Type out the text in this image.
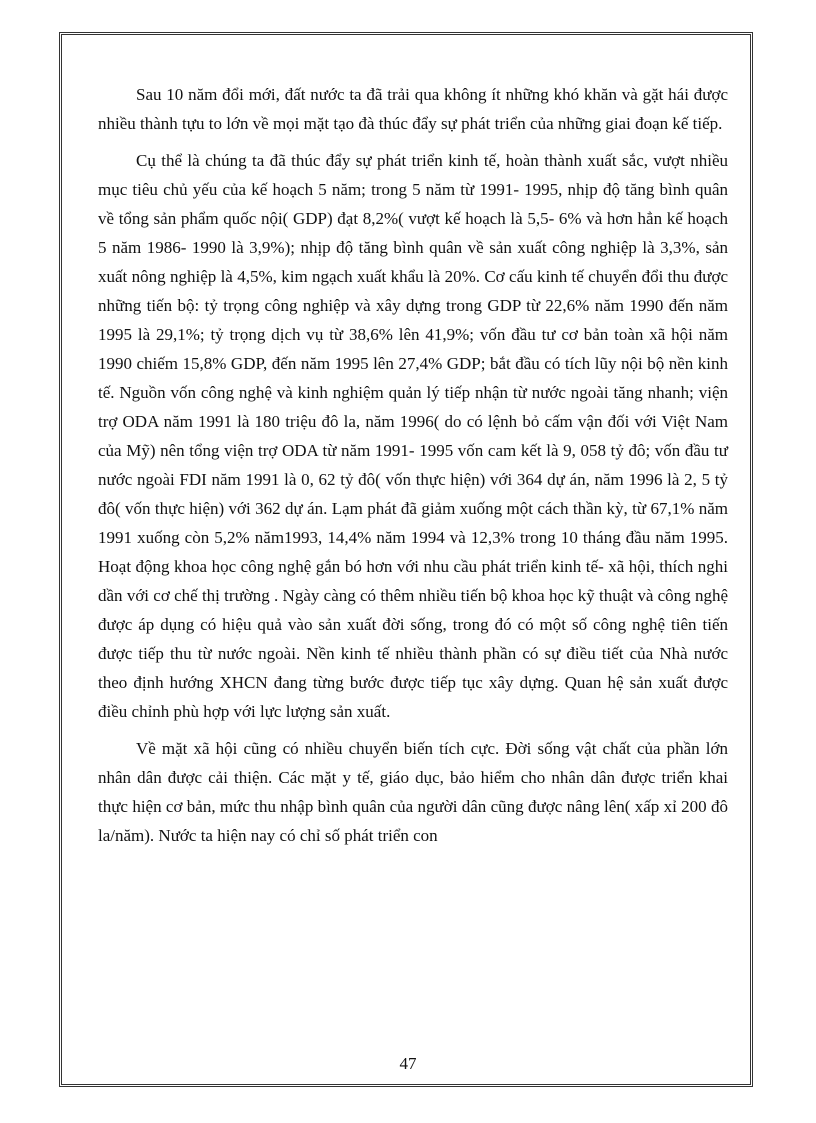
Sau 10 năm đổi mới, đất nước ta đã trải qua không ít những khó khăn và gặt hái được nhiều thành tựu to lớn về mọi mặt tạo đà thúc đẩy sự phát triển của những giai đoạn kế tiếp.

Cụ thể là chúng ta đã thúc đẩy sự phát triển kinh tế, hoàn thành xuất sắc, vượt nhiều mục tiêu chủ yếu của kế hoạch 5 năm; trong 5 năm từ 1991- 1995, nhịp độ tăng bình quân về tổng sản phẩm quốc nội( GDP) đạt 8,2%( vượt kế hoạch là 5,5- 6% và hơn hẳn kế hoạch 5 năm 1986- 1990 là 3,9%); nhịp độ tăng bình quân về sản xuất công nghiệp là 3,3%, sản xuất nông nghiệp là 4,5%, kim ngạch xuất khẩu là 20%. Cơ cấu kinh tế chuyển đổi thu được những tiến bộ: tỷ trọng công nghiệp và xây dựng trong GDP từ 22,6% năm 1990 đến năm 1995 là 29,1%; tỷ trọng dịch vụ từ 38,6% lên 41,9%; vốn đầu tư cơ bản toàn xã hội năm 1990 chiếm 15,8% GDP, đến năm 1995 lên 27,4% GDP; bắt đầu có tích lũy nội bộ nền kinh tế. Nguồn vốn công nghệ và kinh nghiệm quản lý tiếp nhận từ nước ngoài tăng nhanh; viện trợ ODA năm 1991 là 180 triệu đô la, năm 1996( do có lệnh bỏ cấm vận đối với Việt Nam của Mỹ) nên tổng viện trợ ODA từ năm 1991- 1995 vốn cam kết là 9, 058 tỷ đô; vốn đầu tư nước ngoài FDI năm 1991 là 0, 62 tỷ đô( vốn thực hiện) với 364 dự án, năm 1996 là 2, 5 tỷ đô( vốn thực hiện) với 362 dự án. Lạm phát đã giảm xuống một cách thần kỳ, từ 67,1% năm 1991 xuống còn 5,2% năm1993, 14,4% năm 1994 và 12,3% trong 10 tháng đầu năm 1995. Hoạt động khoa học công nghệ gắn bó hơn với nhu cầu phát triển kinh tế- xã hội, thích nghi dần với cơ chế thị trường . Ngày càng có thêm nhiều tiến bộ khoa học kỹ thuật và công nghệ được áp dụng có hiệu quả vào sản xuất đời sống, trong đó có một số công nghệ tiên tiến được tiếp thu từ nước ngoài. Nền kinh tế nhiều thành phần có sự điều tiết của Nhà nước theo định hướng XHCN đang từng bước được tiếp tục xây dựng. Quan hệ sản xuất được điều chỉnh phù hợp với lực lượng sản xuất.

Về mặt xã hội cũng có nhiều chuyển biến tích cực. Đời sống vật chất của phần lớn nhân dân được cải thiện. Các mặt y tế, giáo dục, bảo hiểm cho nhân dân được triển khai thực hiện cơ bản, mức thu nhập bình quân của người dân cũng được nâng lên( xấp xỉ 200 đô la/năm). Nước ta hiện nay có chỉ số phát triển con

47
